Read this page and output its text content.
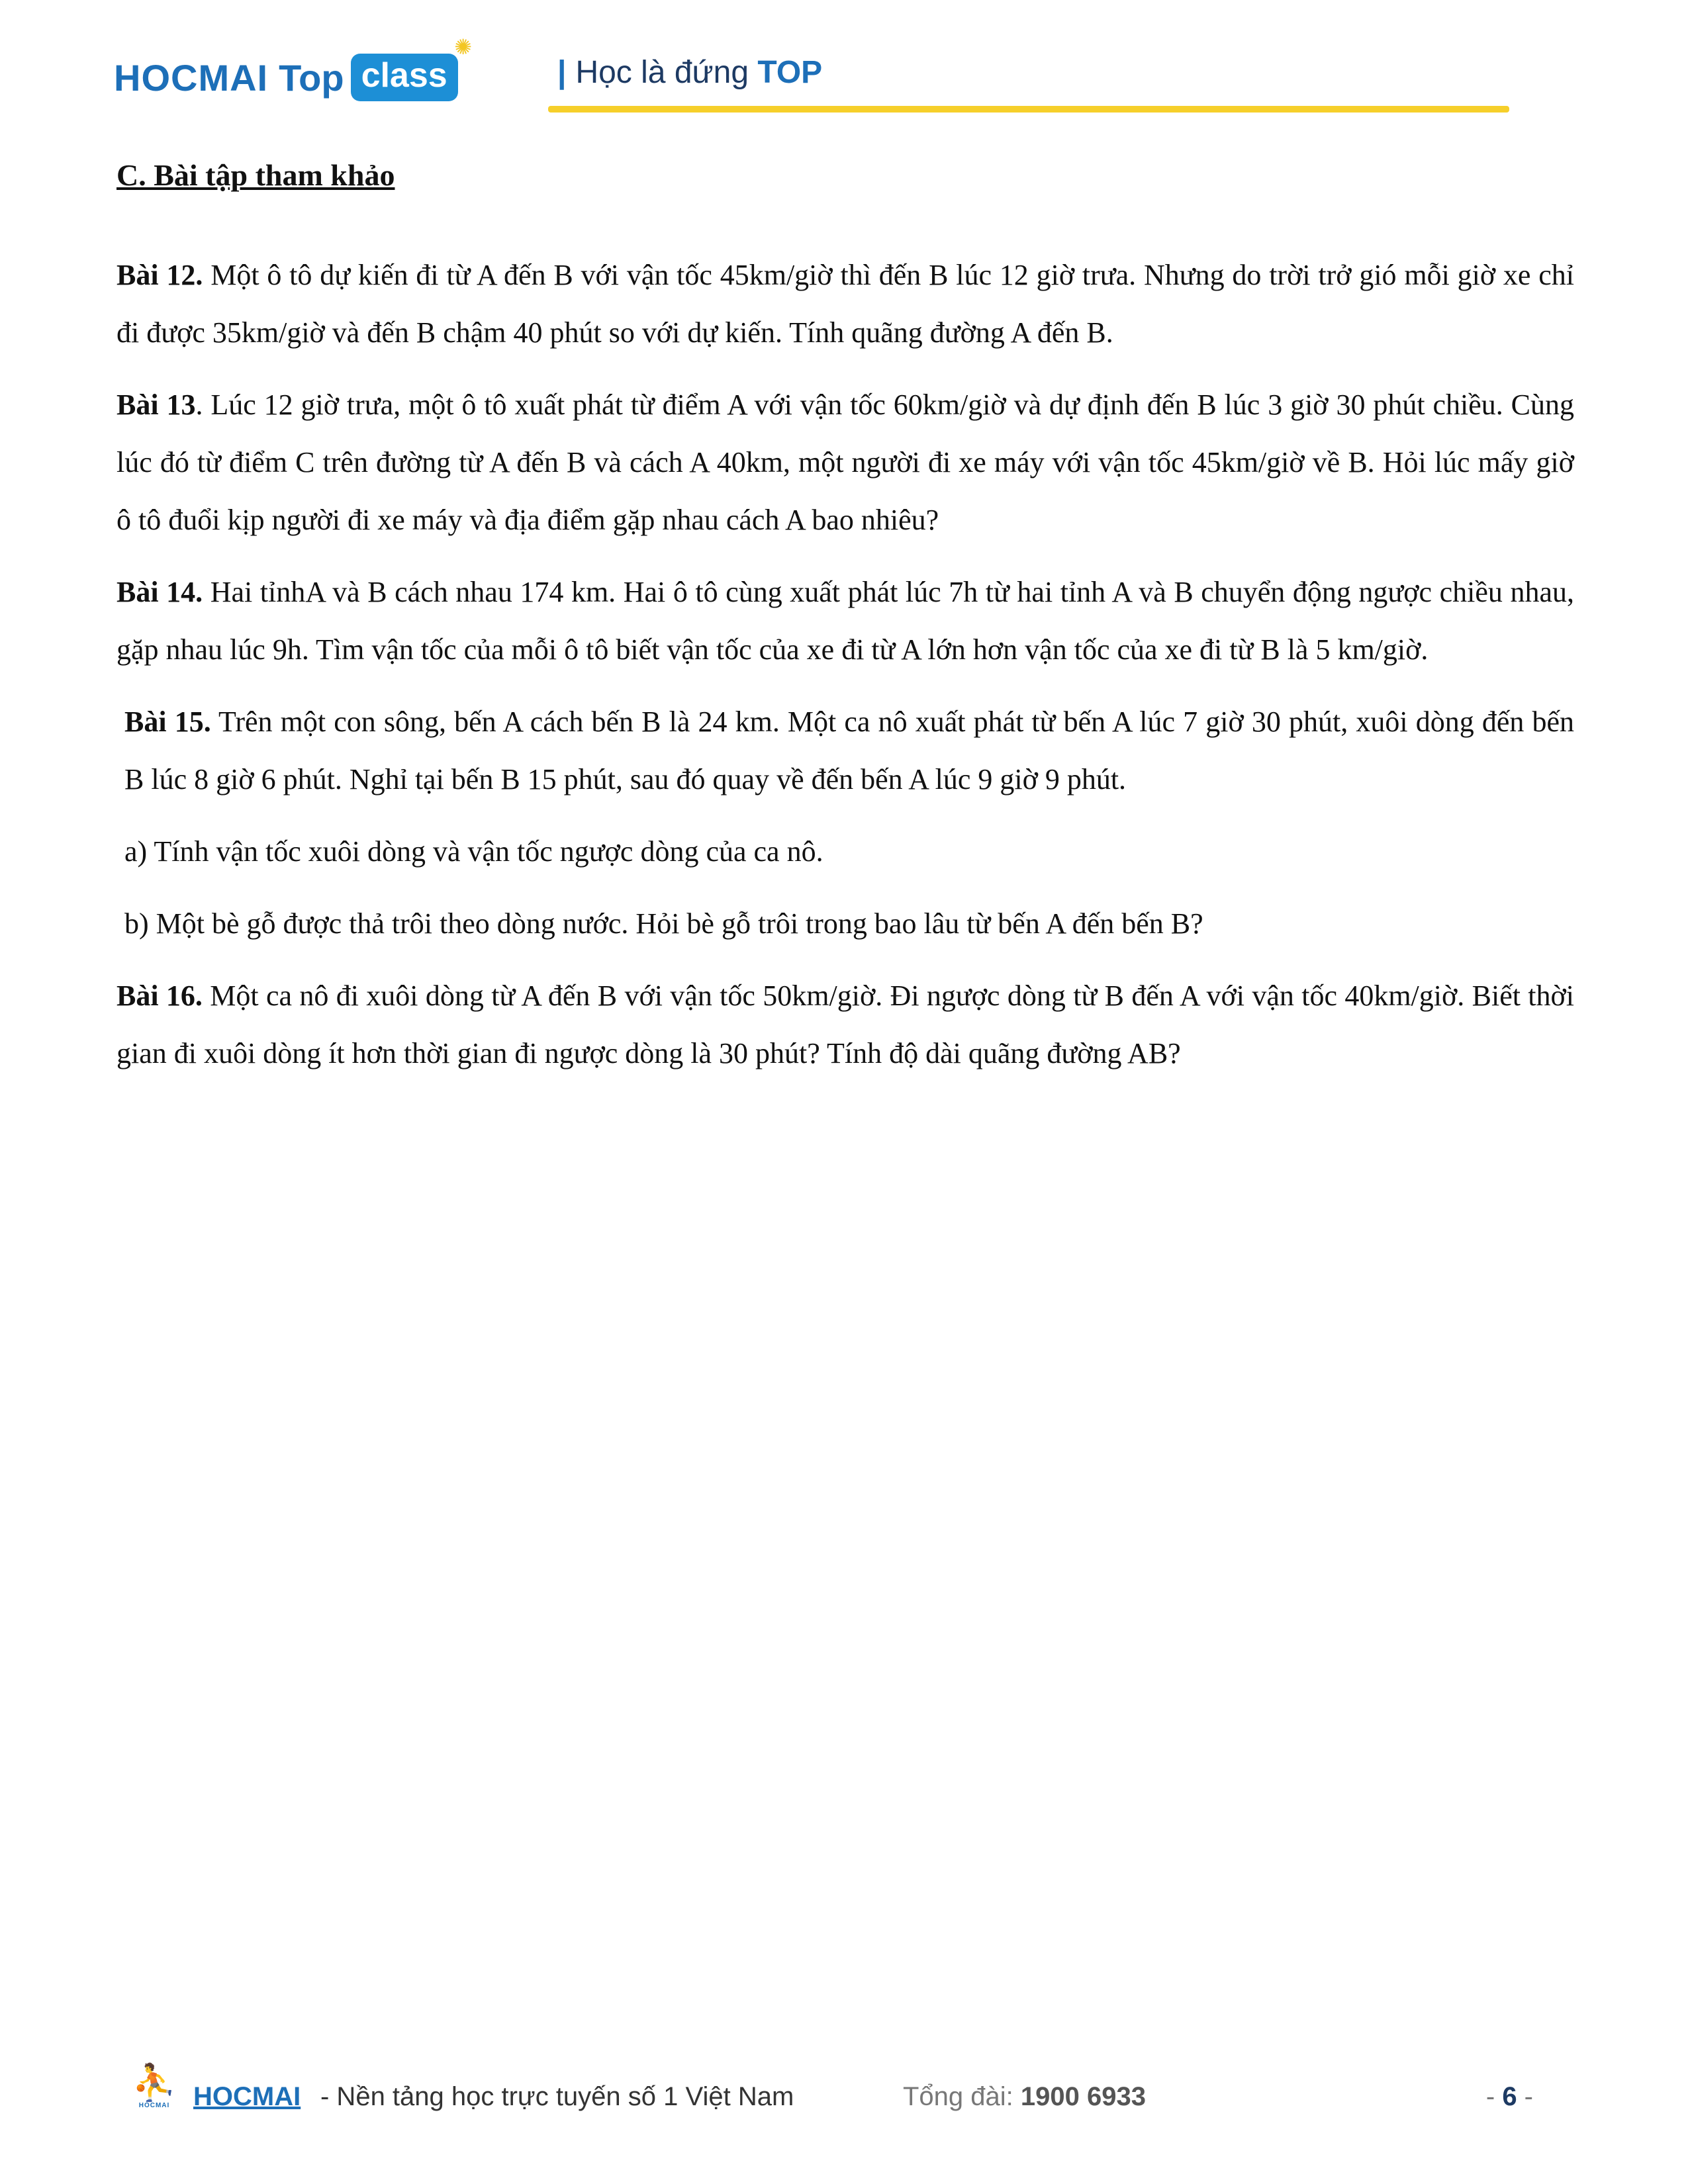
HOCMAI Top class
✺
| Học là đứng TOP
C. Bài tập tham khảo

Bài 12. Một ô tô dự kiến đi từ A đến B với vận tốc 45km/giờ thì đến B lúc 12 giờ trưa. Nhưng do trời trở gió mỗi giờ xe chỉ đi được 35km/giờ và đến B chậm 40 phút so với dự kiến. Tính quãng đường A đến B.

Bài 13. Lúc 12 giờ trưa, một ô tô xuất phát từ điểm A với vận tốc 60km/giờ và dự định đến B lúc 3 giờ 30 phút chiều. Cùng lúc đó từ điểm C trên đường từ A đến B và cách A 40km, một người đi xe máy với vận tốc 45km/giờ về B. Hỏi lúc mấy giờ ô tô đuổi kịp người đi xe máy và địa điểm gặp nhau cách A bao nhiêu?

Bài 14. Hai tỉnhA và B cách nhau 174 km. Hai ô tô cùng xuất phát lúc 7h từ hai tỉnh A và B chuyển động ngược chiều nhau, gặp nhau lúc 9h. Tìm vận tốc của mỗi ô tô biết vận tốc của xe đi từ A lớn hơn vận tốc của xe đi từ B là 5 km/giờ.

Bài 15. Trên một con sông, bến A cách bến B là 24 km. Một ca nô xuất phát từ bến A lúc 7 giờ 30 phút, xuôi dòng đến bến B lúc 8 giờ 6 phút. Nghỉ tại bến B 15 phút, sau đó quay về đến bến A lúc 9 giờ 9 phút.

a) Tính vận tốc xuôi dòng và vận tốc ngược dòng của ca nô.

b) Một bè gỗ được thả trôi theo dòng nước. Hỏi bè gỗ trôi trong bao lâu từ bến A đến bến B?

Bài 16. Một ca nô đi xuôi dòng từ A đến B với vận tốc 50km/giờ. Đi ngược dòng từ B đến A với vận tốc 40km/giờ. Biết thời gian đi xuôi dòng ít hơn thời gian đi ngược dòng là 30 phút? Tính độ dài quãng đường AB?

⛹
HOCMAI HOCMAI - Nền tảng học trực tuyến số 1 Việt Nam	Tổng đài: 1900 6933	- 6 -
